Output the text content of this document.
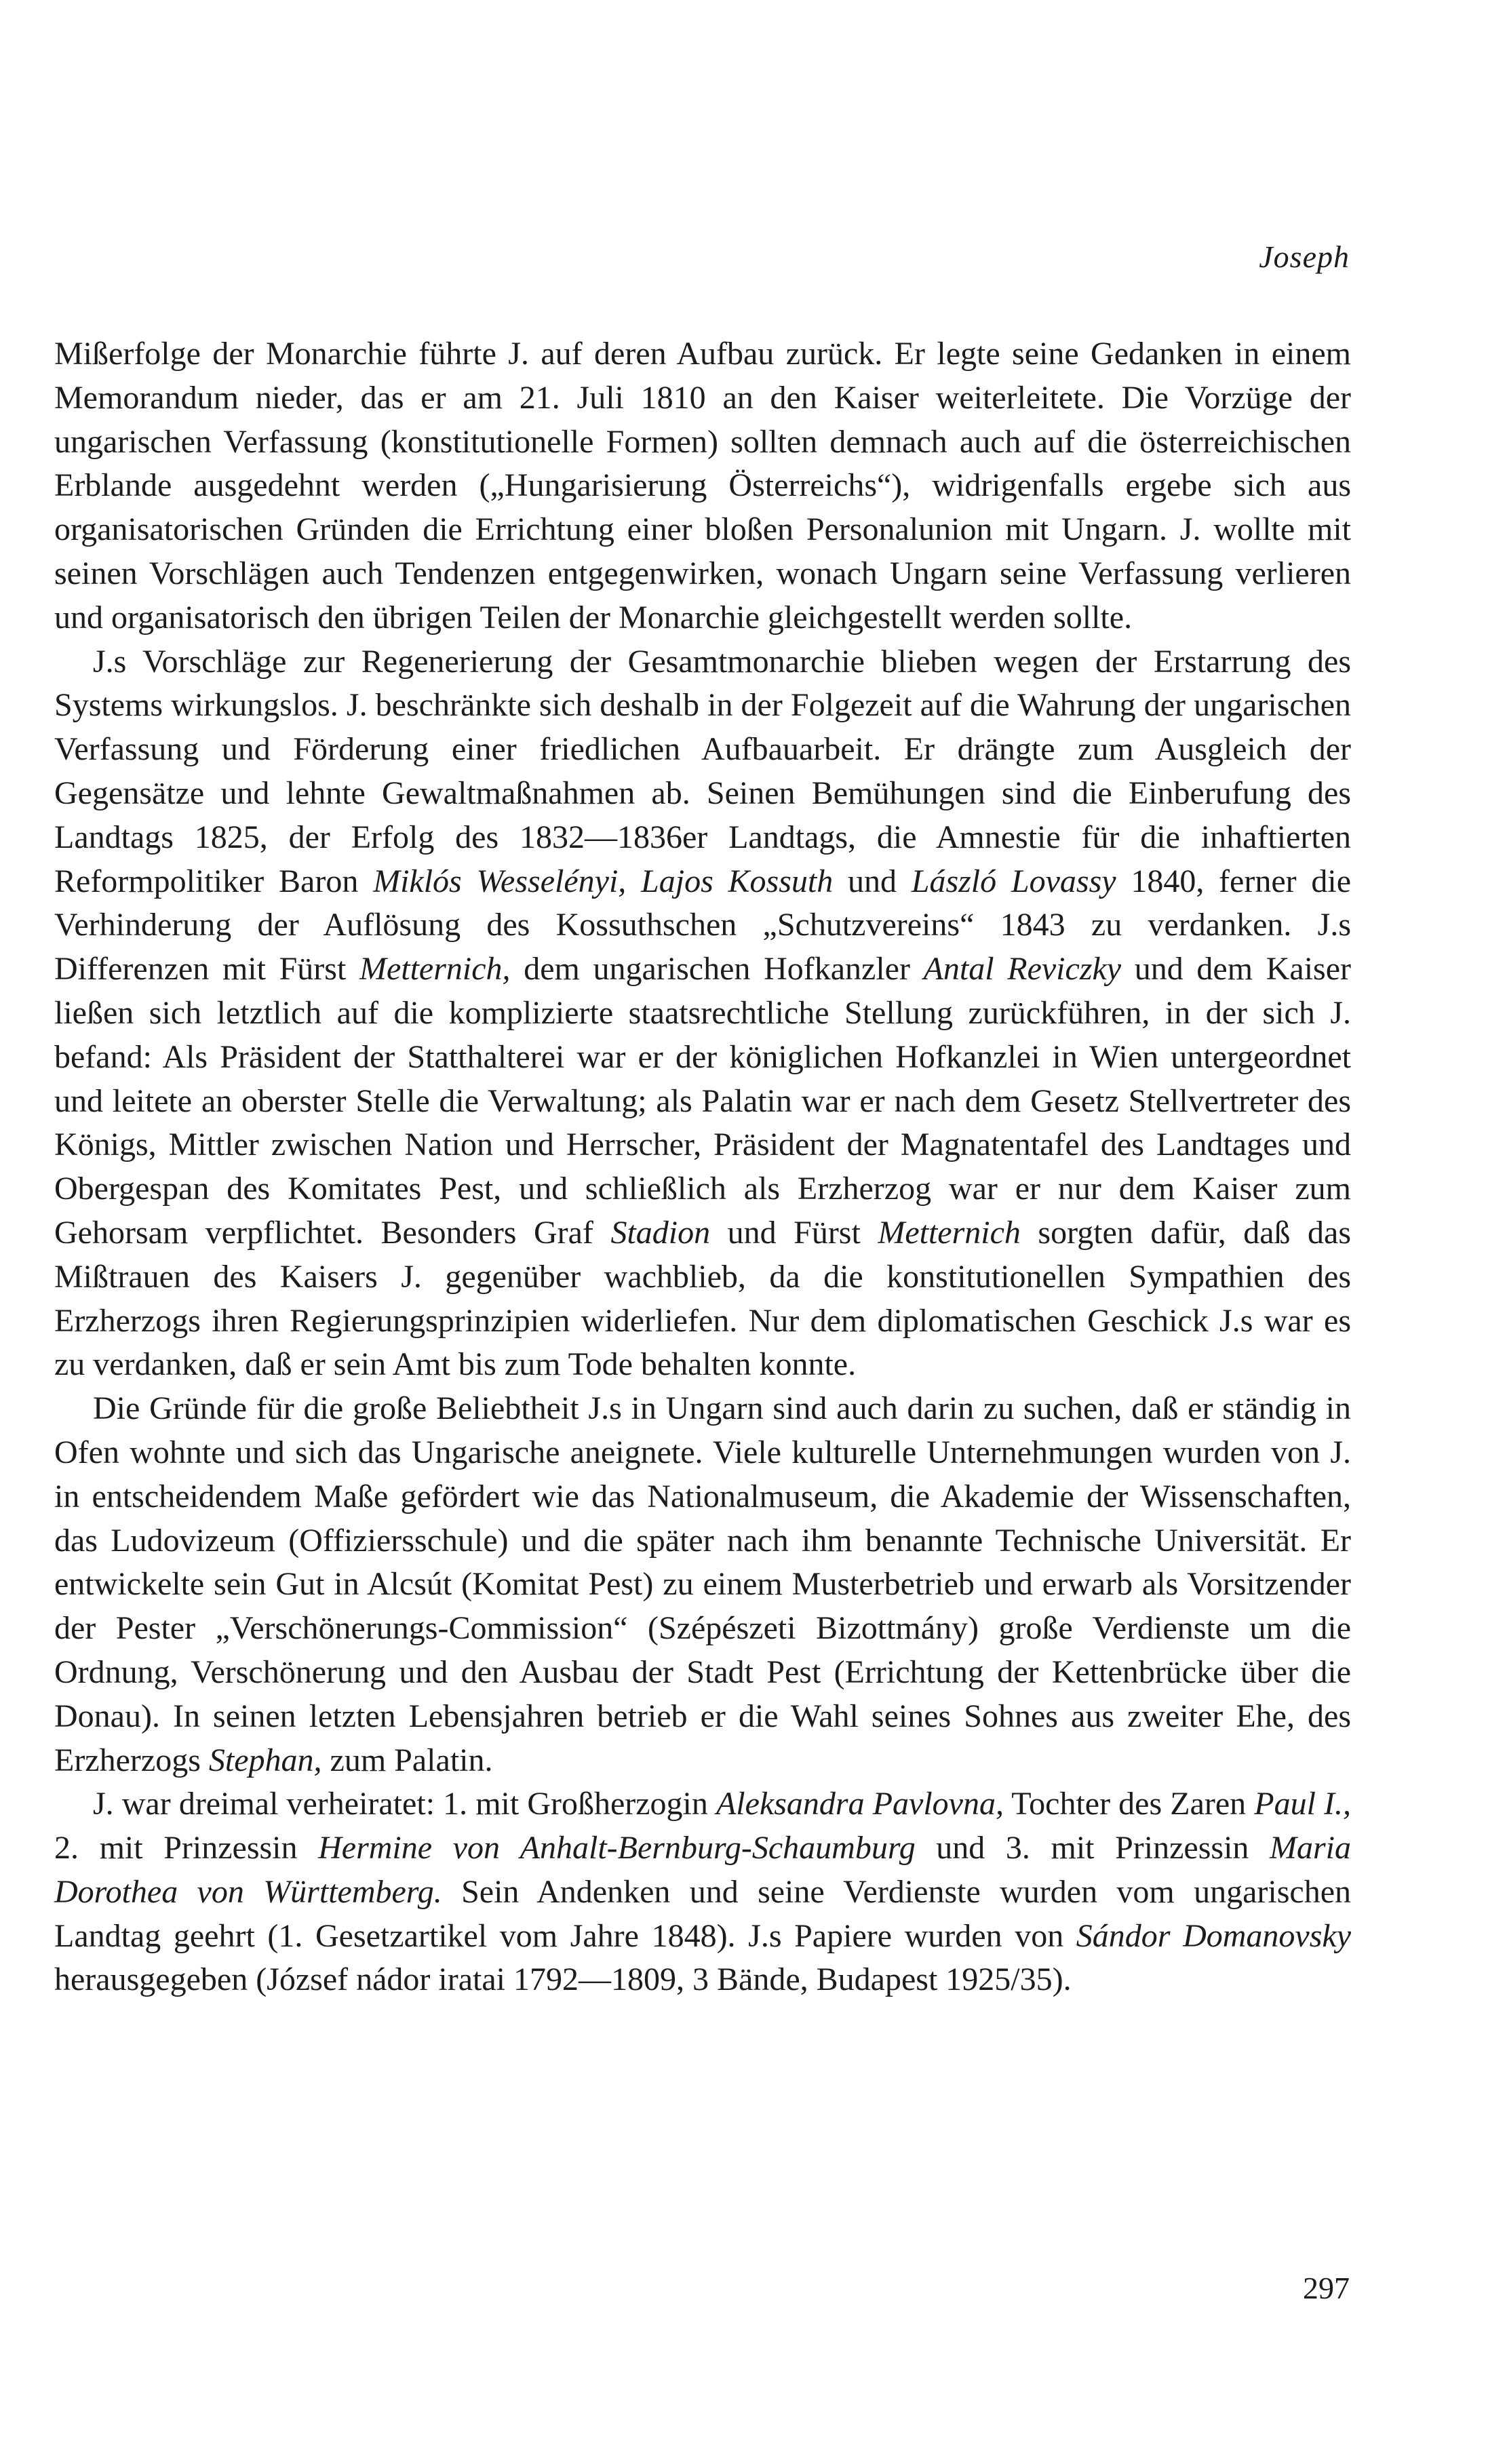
Joseph

Mißerfolge der Monarchie führte J. auf deren Aufbau zurück. Er legte seine Gedanken in einem Memorandum nieder, das er am 21. Juli 1810 an den Kaiser weiterleitete. Die Vorzüge der ungarischen Verfassung (konstitutionelle Formen) sollten demnach auch auf die österreichischen Erblande ausgedehnt werden („Hungarisierung Österreichs“), widrigenfalls ergebe sich aus organisatorischen Gründen die Errichtung einer bloßen Personalunion mit Ungarn. J. wollte mit seinen Vorschlägen auch Tendenzen entgegenwirken, wonach Ungarn seine Verfassung verlieren und organisatorisch den übrigen Teilen der Monarchie gleichgestellt werden sollte.

J.s Vorschläge zur Regenerierung der Gesamtmonarchie blieben wegen der Erstarrung des Systems wirkungslos. J. beschränkte sich deshalb in der Folgezeit auf die Wahrung der ungarischen Verfassung und Förderung einer friedlichen Aufbauarbeit. Er drängte zum Ausgleich der Gegensätze und lehnte Gewaltmaßnahmen ab. Seinen Bemühungen sind die Einberufung des Landtags 1825, der Erfolg des 1832—1836er Landtags, die Amnestie für die inhaftierten Reformpolitiker Baron Miklós Wesselényi, Lajos Kossuth und László Lovassy 1840, ferner die Verhinderung der Auflösung des Kossuthschen „Schutzvereins“ 1843 zu verdanken. J.s Differenzen mit Fürst Metternich, dem ungarischen Hofkanzler Antal Reviczky und dem Kaiser ließen sich letztlich auf die komplizierte staatsrechtliche Stellung zurückführen, in der sich J. befand: Als Präsident der Statthalterei war er der königlichen Hofkanzlei in Wien untergeordnet und leitete an oberster Stelle die Verwaltung; als Palatin war er nach dem Gesetz Stellvertreter des Königs, Mittler zwischen Nation und Herrscher, Präsident der Magnatentafel des Landtages und Obergespan des Komitates Pest, und schließlich als Erzherzog war er nur dem Kaiser zum Gehorsam verpflichtet. Besonders Graf Stadion und Fürst Metternich sorgten dafür, daß das Mißtrauen des Kaisers J. gegenüber wachblieb, da die konstitutionellen Sympathien des Erzherzogs ihren Regierungsprinzipien widerliefen. Nur dem diplomatischen Geschick J.s war es zu verdanken, daß er sein Amt bis zum Tode behalten konnte.

Die Gründe für die große Beliebtheit J.s in Ungarn sind auch darin zu suchen, daß er ständig in Ofen wohnte und sich das Ungarische aneignete. Viele kulturelle Unternehmungen wurden von J. in entscheidendem Maße gefördert wie das Nationalmuseum, die Akademie der Wissenschaften, das Ludovizeum (Offiziersschule) und die später nach ihm benannte Technische Universität. Er entwickelte sein Gut in Alcsút (Komitat Pest) zu einem Musterbetrieb und erwarb als Vorsitzender der Pester „Verschönerungs-Commission“ (Szépészeti Bizottmány) große Verdienste um die Ordnung, Verschönerung und den Ausbau der Stadt Pest (Errichtung der Kettenbrücke über die Donau). In seinen letzten Lebensjahren betrieb er die Wahl seines Sohnes aus zweiter Ehe, des Erzherzogs Stephan, zum Palatin.

J. war dreimal verheiratet: 1. mit Großherzogin Aleksandra Pavlovna, Tochter des Zaren Paul I., 2. mit Prinzessin Hermine von Anhalt-Bernburg-Schaumburg und 3. mit Prinzessin Maria Dorothea von Württemberg. Sein Andenken und seine Verdienste wurden vom ungarischen Landtag geehrt (1. Gesetzartikel vom Jahre 1848). J.s Papiere wurden von Sándor Domanovsky herausgegeben (József nádor iratai 1792—1809, 3 Bände, Budapest 1925/35).

297
